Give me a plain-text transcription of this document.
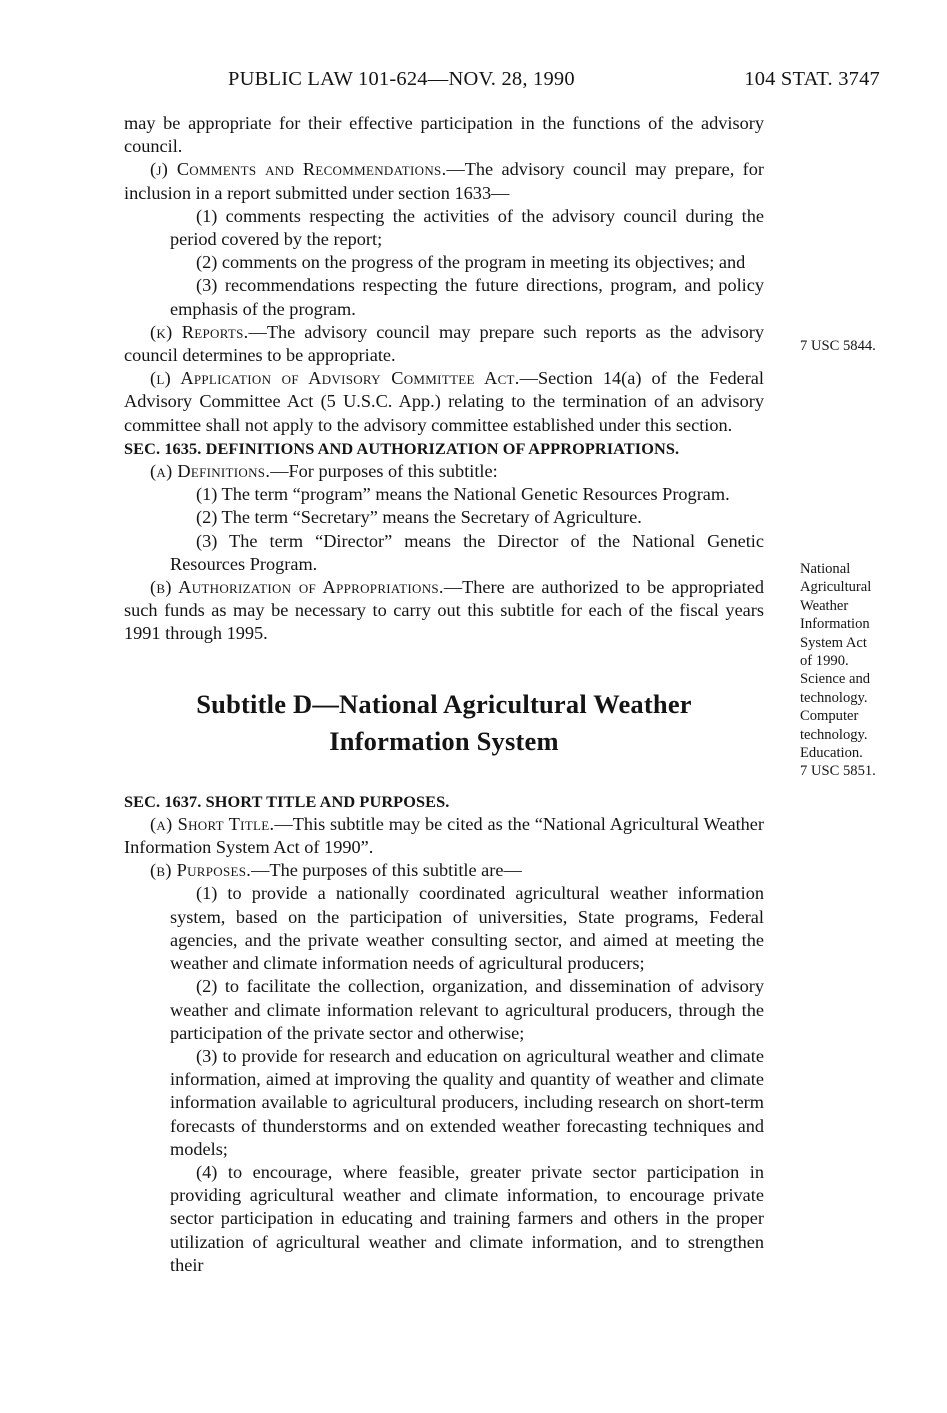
PUBLIC LAW 101-624—NOV. 28, 1990	104 STAT. 3747

may be appropriate for their effective participation in the functions of the advisory council.

(j) Comments and Recommendations.—The advisory council may prepare, for inclusion in a report submitted under section 1633—

(1) comments respecting the activities of the advisory council during the period covered by the report;

(2) comments on the progress of the program in meeting its objectives; and

(3) recommendations respecting the future directions, program, and policy emphasis of the program.

(k) Reports.—The advisory council may prepare such reports as the advisory council determines to be appropriate.

(l) Application of Advisory Committee Act.—Section 14(a) of the Federal Advisory Committee Act (5 U.S.C. App.) relating to the termination of an advisory committee shall not apply to the advisory committee established under this section.

SEC. 1635. DEFINITIONS AND AUTHORIZATION OF APPROPRIATIONS.

(a) Definitions.—For purposes of this subtitle:

(1) The term “program” means the National Genetic Resources Program.

(2) The term “Secretary” means the Secretary of Agriculture.

(3) The term “Director” means the Director of the National Genetic Resources Program.

(b) Authorization of Appropriations.—There are authorized to be appropriated such funds as may be necessary to carry out this subtitle for each of the fiscal years 1991 through 1995.

Subtitle D—National Agricultural Weather
Information System

SEC. 1637. SHORT TITLE AND PURPOSES.

(a) Short Title.—This subtitle may be cited as the “National Agricultural Weather Information System Act of 1990”.

(b) Purposes.—The purposes of this subtitle are—

(1) to provide a nationally coordinated agricultural weather information system, based on the participation of universities, State programs, Federal agencies, and the private weather consulting sector, and aimed at meeting the weather and climate information needs of agricultural producers;

(2) to facilitate the collection, organization, and dissemination of advisory weather and climate information relevant to agricultural producers, through the participation of the private sector and otherwise;

(3) to provide for research and education on agricultural weather and climate information, aimed at improving the quality and quantity of weather and climate information available to agricultural producers, including research on short-term forecasts of thunderstorms and on extended weather forecasting techniques and models;

(4) to encourage, where feasible, greater private sector participation in providing agricultural weather and climate information, to encourage private sector participation in educating and training farmers and others in the proper utilization of agricultural weather and climate information, and to strengthen their

7 USC 5844.
National
Agricultural
Weather
Information
System Act
of 1990.
Science and
technology.
Computer
technology.
Education.
7 USC 5851.
